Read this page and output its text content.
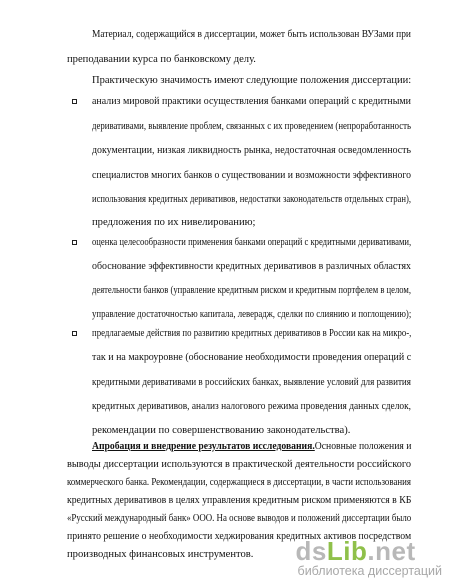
Материал, содержащийся в диссертации, может быть использован ВУЗами при
преподавании курса по банковскому делу.
Практическую значимость имеют следующие положения диссертации:
анализ мировой практики осуществления банками операций с кредитными
деривативами, выявление проблем, связанных с их проведением (непроработанность
документации, низкая ликвидность рынка, недостаточная осведомленность
специалистов многих банков о существовании и возможности эффективного
использования кредитных деривативов, недостатки законодательств отдельных стран),
предложения по их нивелированию;
оценка целесообразности применения банками операций с кредитными деривативами,
обоснование эффективности кредитных деривативов в различных областях
деятельности банков (управление кредитным риском и кредитным портфелем в целом,
управление достаточностью капитала, леверадж, сделки по слиянию и поглощению);
предлагаемые действия по развитию кредитных деривативов в России как на микро-,
так и на макроуровне (обоснование необходимости проведения операций с
кредитными деривативами в российских банках, выявление условий для развития
кредитных деривативов, анализ налогового режима проведения данных сделок,
рекомендации по совершенствованию законодательства).
Апробация и внедрение результатов исследования. Основные положения и
выводы диссертации используются в практической деятельности российского
коммерческого банка. Рекомендации, содержащиеся в диссертации, в части использования
кредитных деривативов в целях управления кредитным риском применяются в КБ
«Русский международный банк» ООО. На основе выводов и положений диссертации было
принято решение о необходимости хеджирования кредитных активов посредством
производных финансовых инструментов. dsLib.net
библиотека диссертаций
